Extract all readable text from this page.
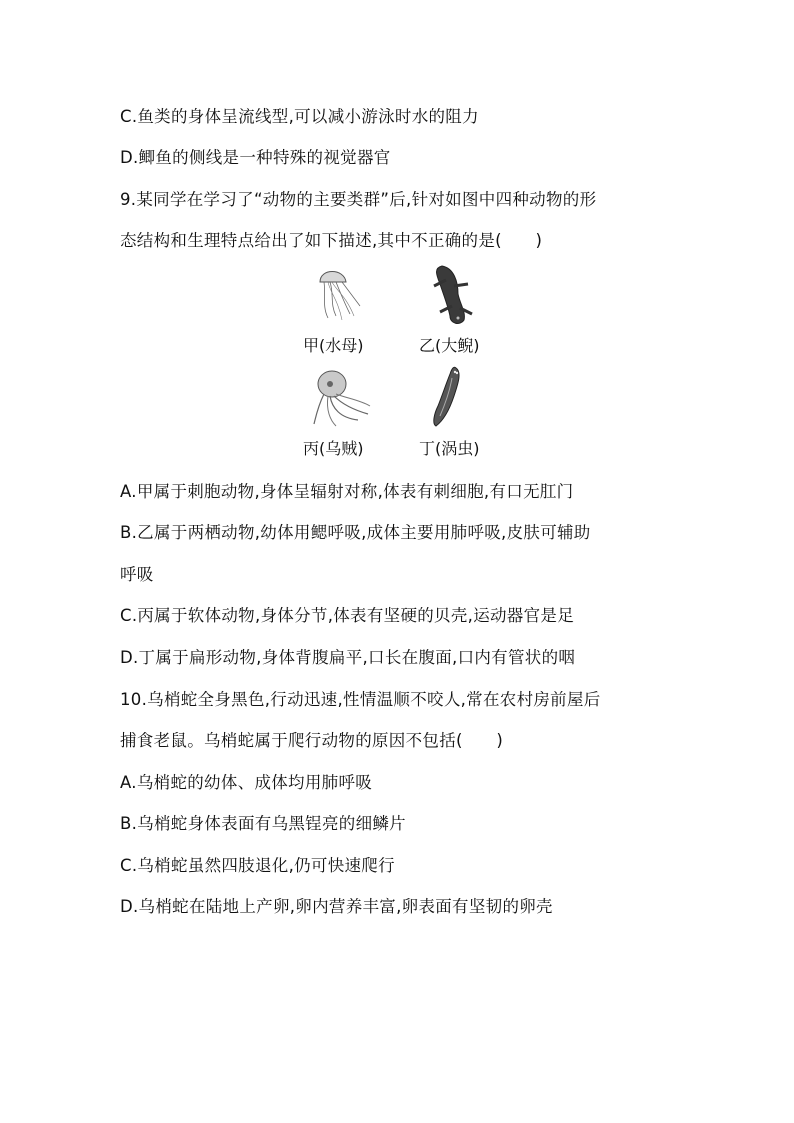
C.鱼类的身体呈流线型,可以减小游泳时水的阻力
D.鲫鱼的侧线是一种特殊的视觉器官
9.某同学在学习了“动物的主要类群”后,针对如图中四种动物的形
态结构和生理特点给出了如下描述,其中不正确的是(　　)
甲(水母)	乙(大鲵)
丙(乌贼)	丁(涡虫)
A.甲属于刺胞动物,身体呈辐射对称,体表有刺细胞,有口无肛门
B.乙属于两栖动物,幼体用鳃呼吸,成体主要用肺呼吸,皮肤可辅助
呼吸
C.丙属于软体动物,身体分节,体表有坚硬的贝壳,运动器官是足
D.丁属于扁形动物,身体背腹扁平,口长在腹面,口内有管状的咽
10.乌梢蛇全身黑色,行动迅速,性情温顺不咬人,常在农村房前屋后
捕食老鼠。乌梢蛇属于爬行动物的原因不包括(　　)
A.乌梢蛇的幼体、成体均用肺呼吸
B.乌梢蛇身体表面有乌黑锃亮的细鳞片
C.乌梢蛇虽然四肢退化,仍可快速爬行
D.乌梢蛇在陆地上产卵,卵内营养丰富,卵表面有坚韧的卵壳
